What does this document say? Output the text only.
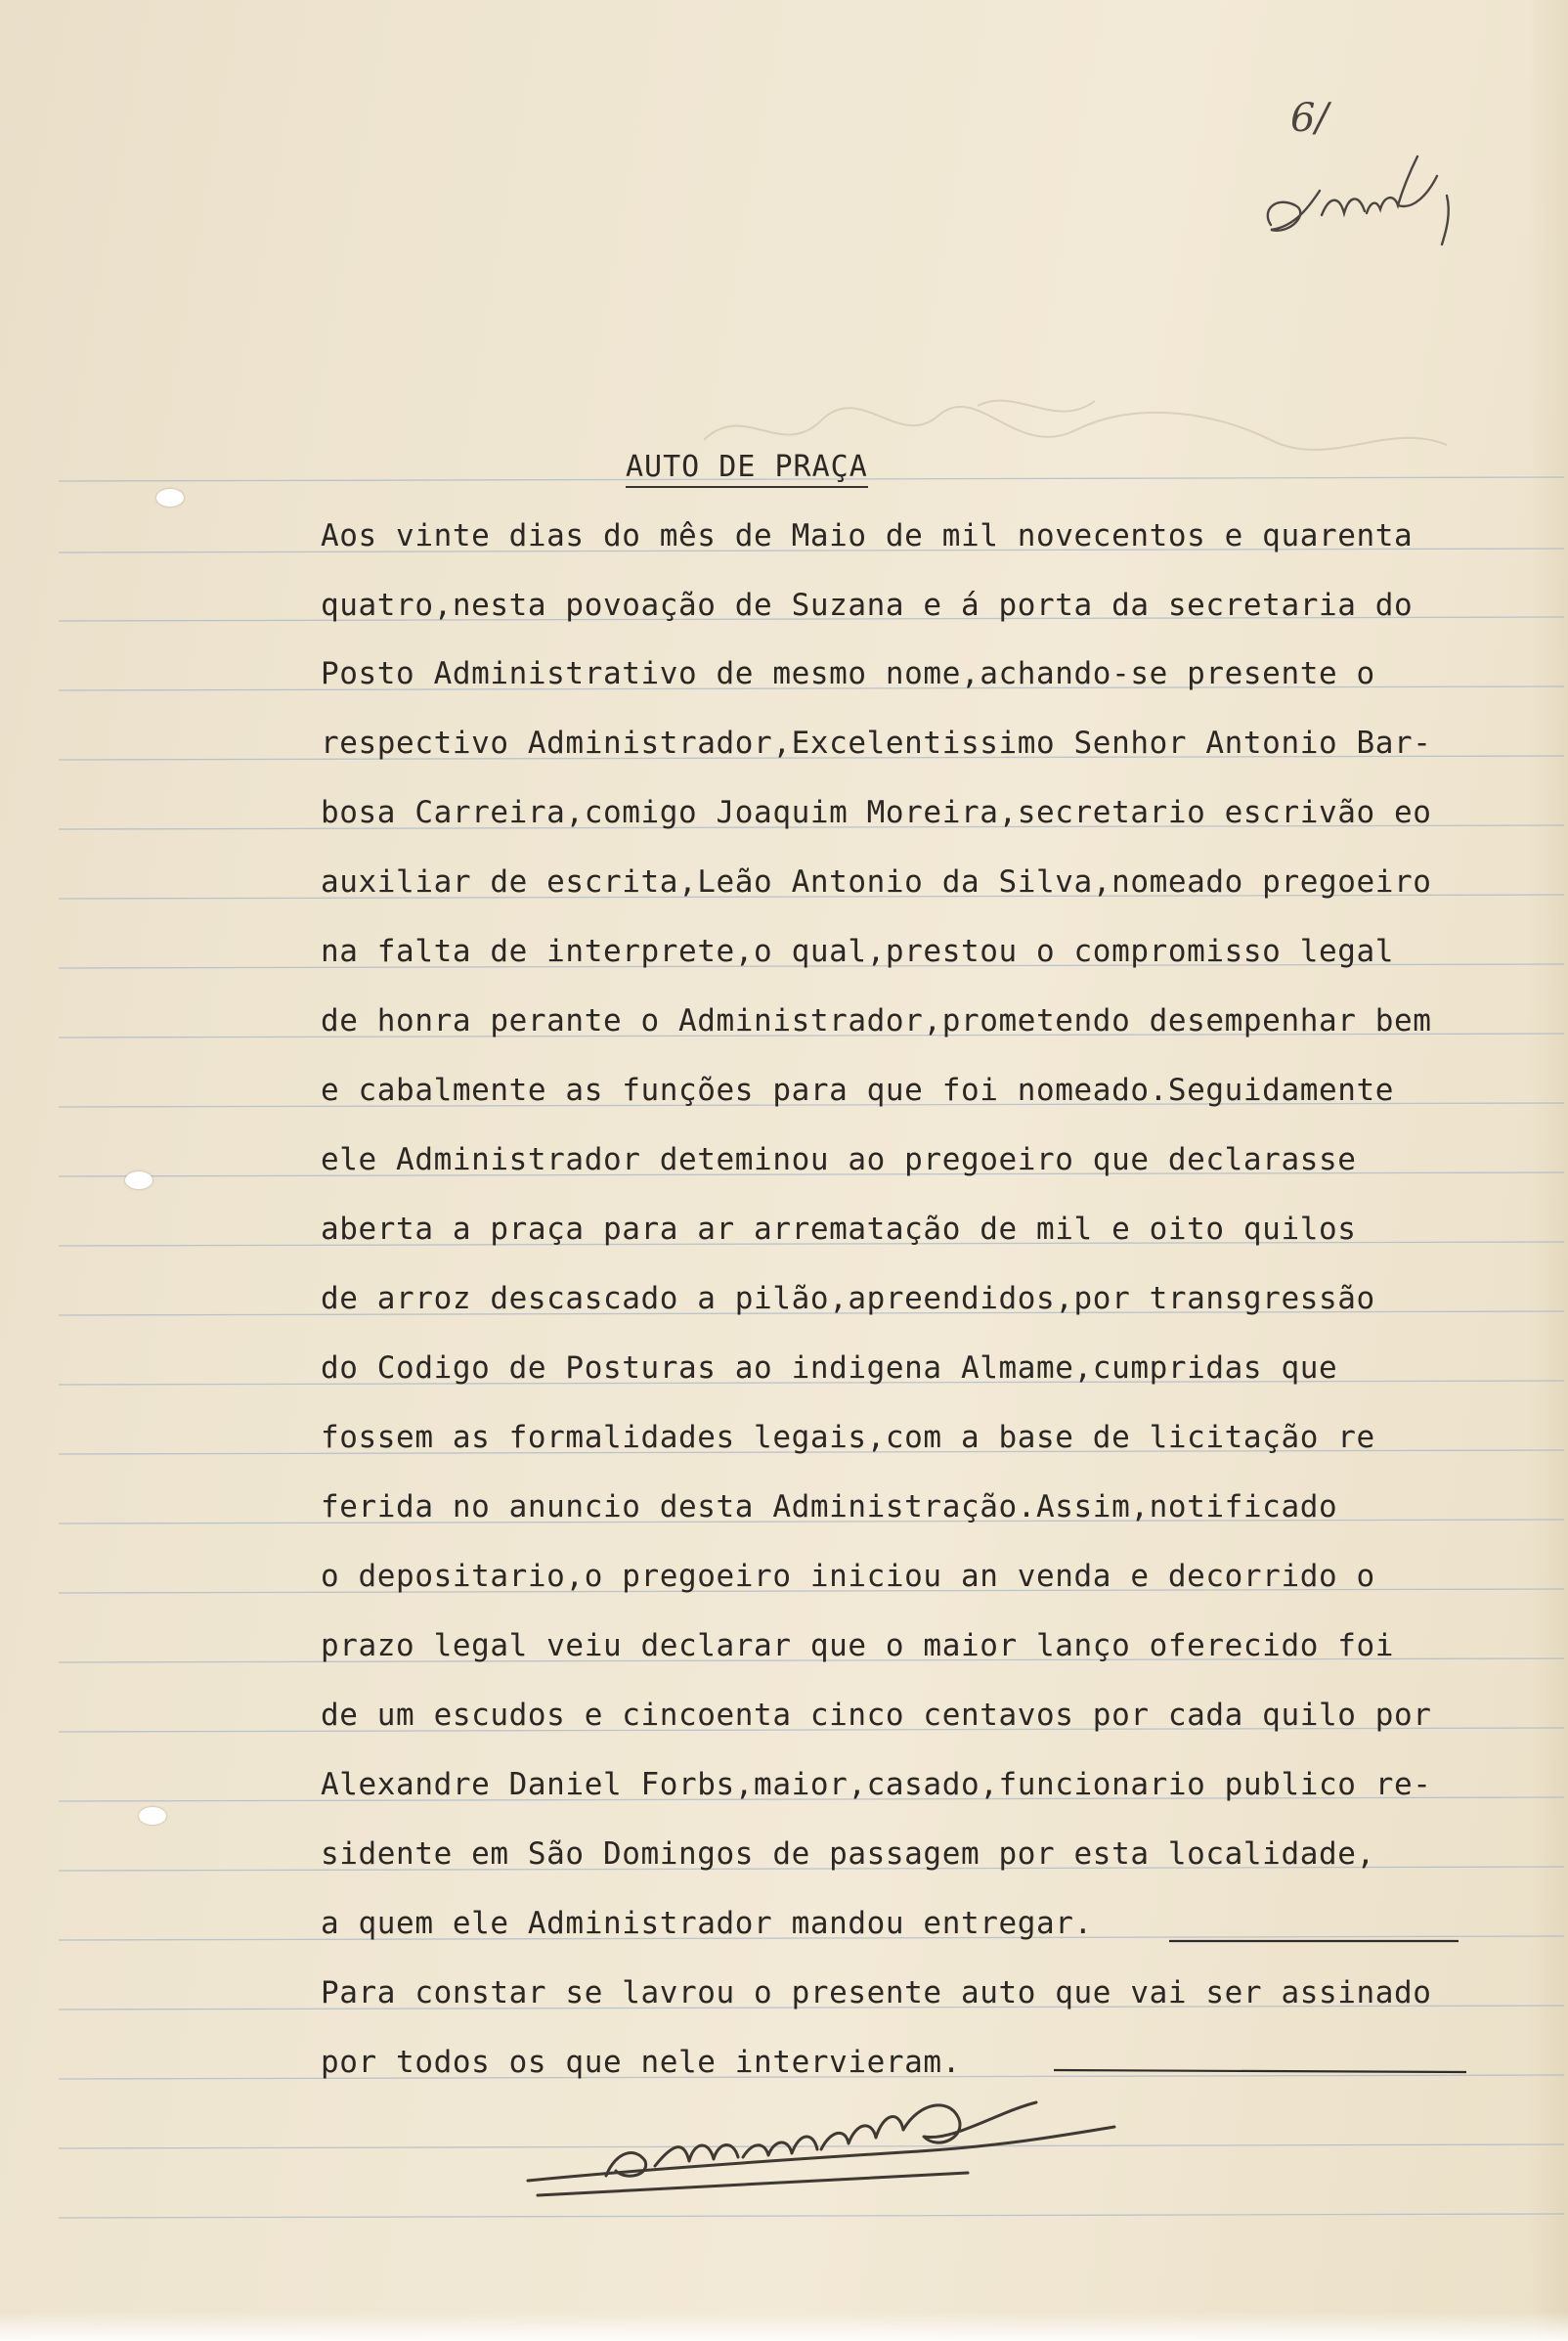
6/
AUTO DE PRAÇA
Aos vinte dias do mês de Maio de mil novecentos e quarenta
quatro,nesta povoação de Suzana e á porta da secretaria do
Posto Administrativo de mesmo nome,achando-se presente o
respectivo Administrador,Excelentissimo Senhor Antonio Bar-
bosa Carreira,comigo Joaquim Moreira,secretario escrivão eo
auxiliar de escrita,Leão Antonio da Silva,nomeado pregoeiro
na falta de interprete,o qual,prestou o compromisso legal
de honra perante o Administrador,prometendo desempenhar bem
e cabalmente as funções para que foi nomeado.Seguidamente
ele Administrador deteminou ao pregoeiro que declarasse
aberta a praça para ar arrematação de mil e oito quilos
de arroz descascado a pilão,apreendidos,por transgressão
do Codigo de Posturas ao indigena Almame,cumpridas que
fossem as formalidades legais,com a base de licitação re
ferida no anuncio desta Administração.Assim,notificado
o depositario,o pregoeiro iniciou an venda e decorrido o
prazo legal veiu declarar que o maior lanço oferecido foi
de um escudos e cincoenta cinco centavos por cada quilo por
Alexandre Daniel Forbs,maior,casado,funcionario publico re-
sidente em São Domingos de passagem por esta localidade,
a quem ele Administrador mandou entregar.
Para constar se lavrou o presente auto que vai ser assinado
por todos os que nele intervieram.
